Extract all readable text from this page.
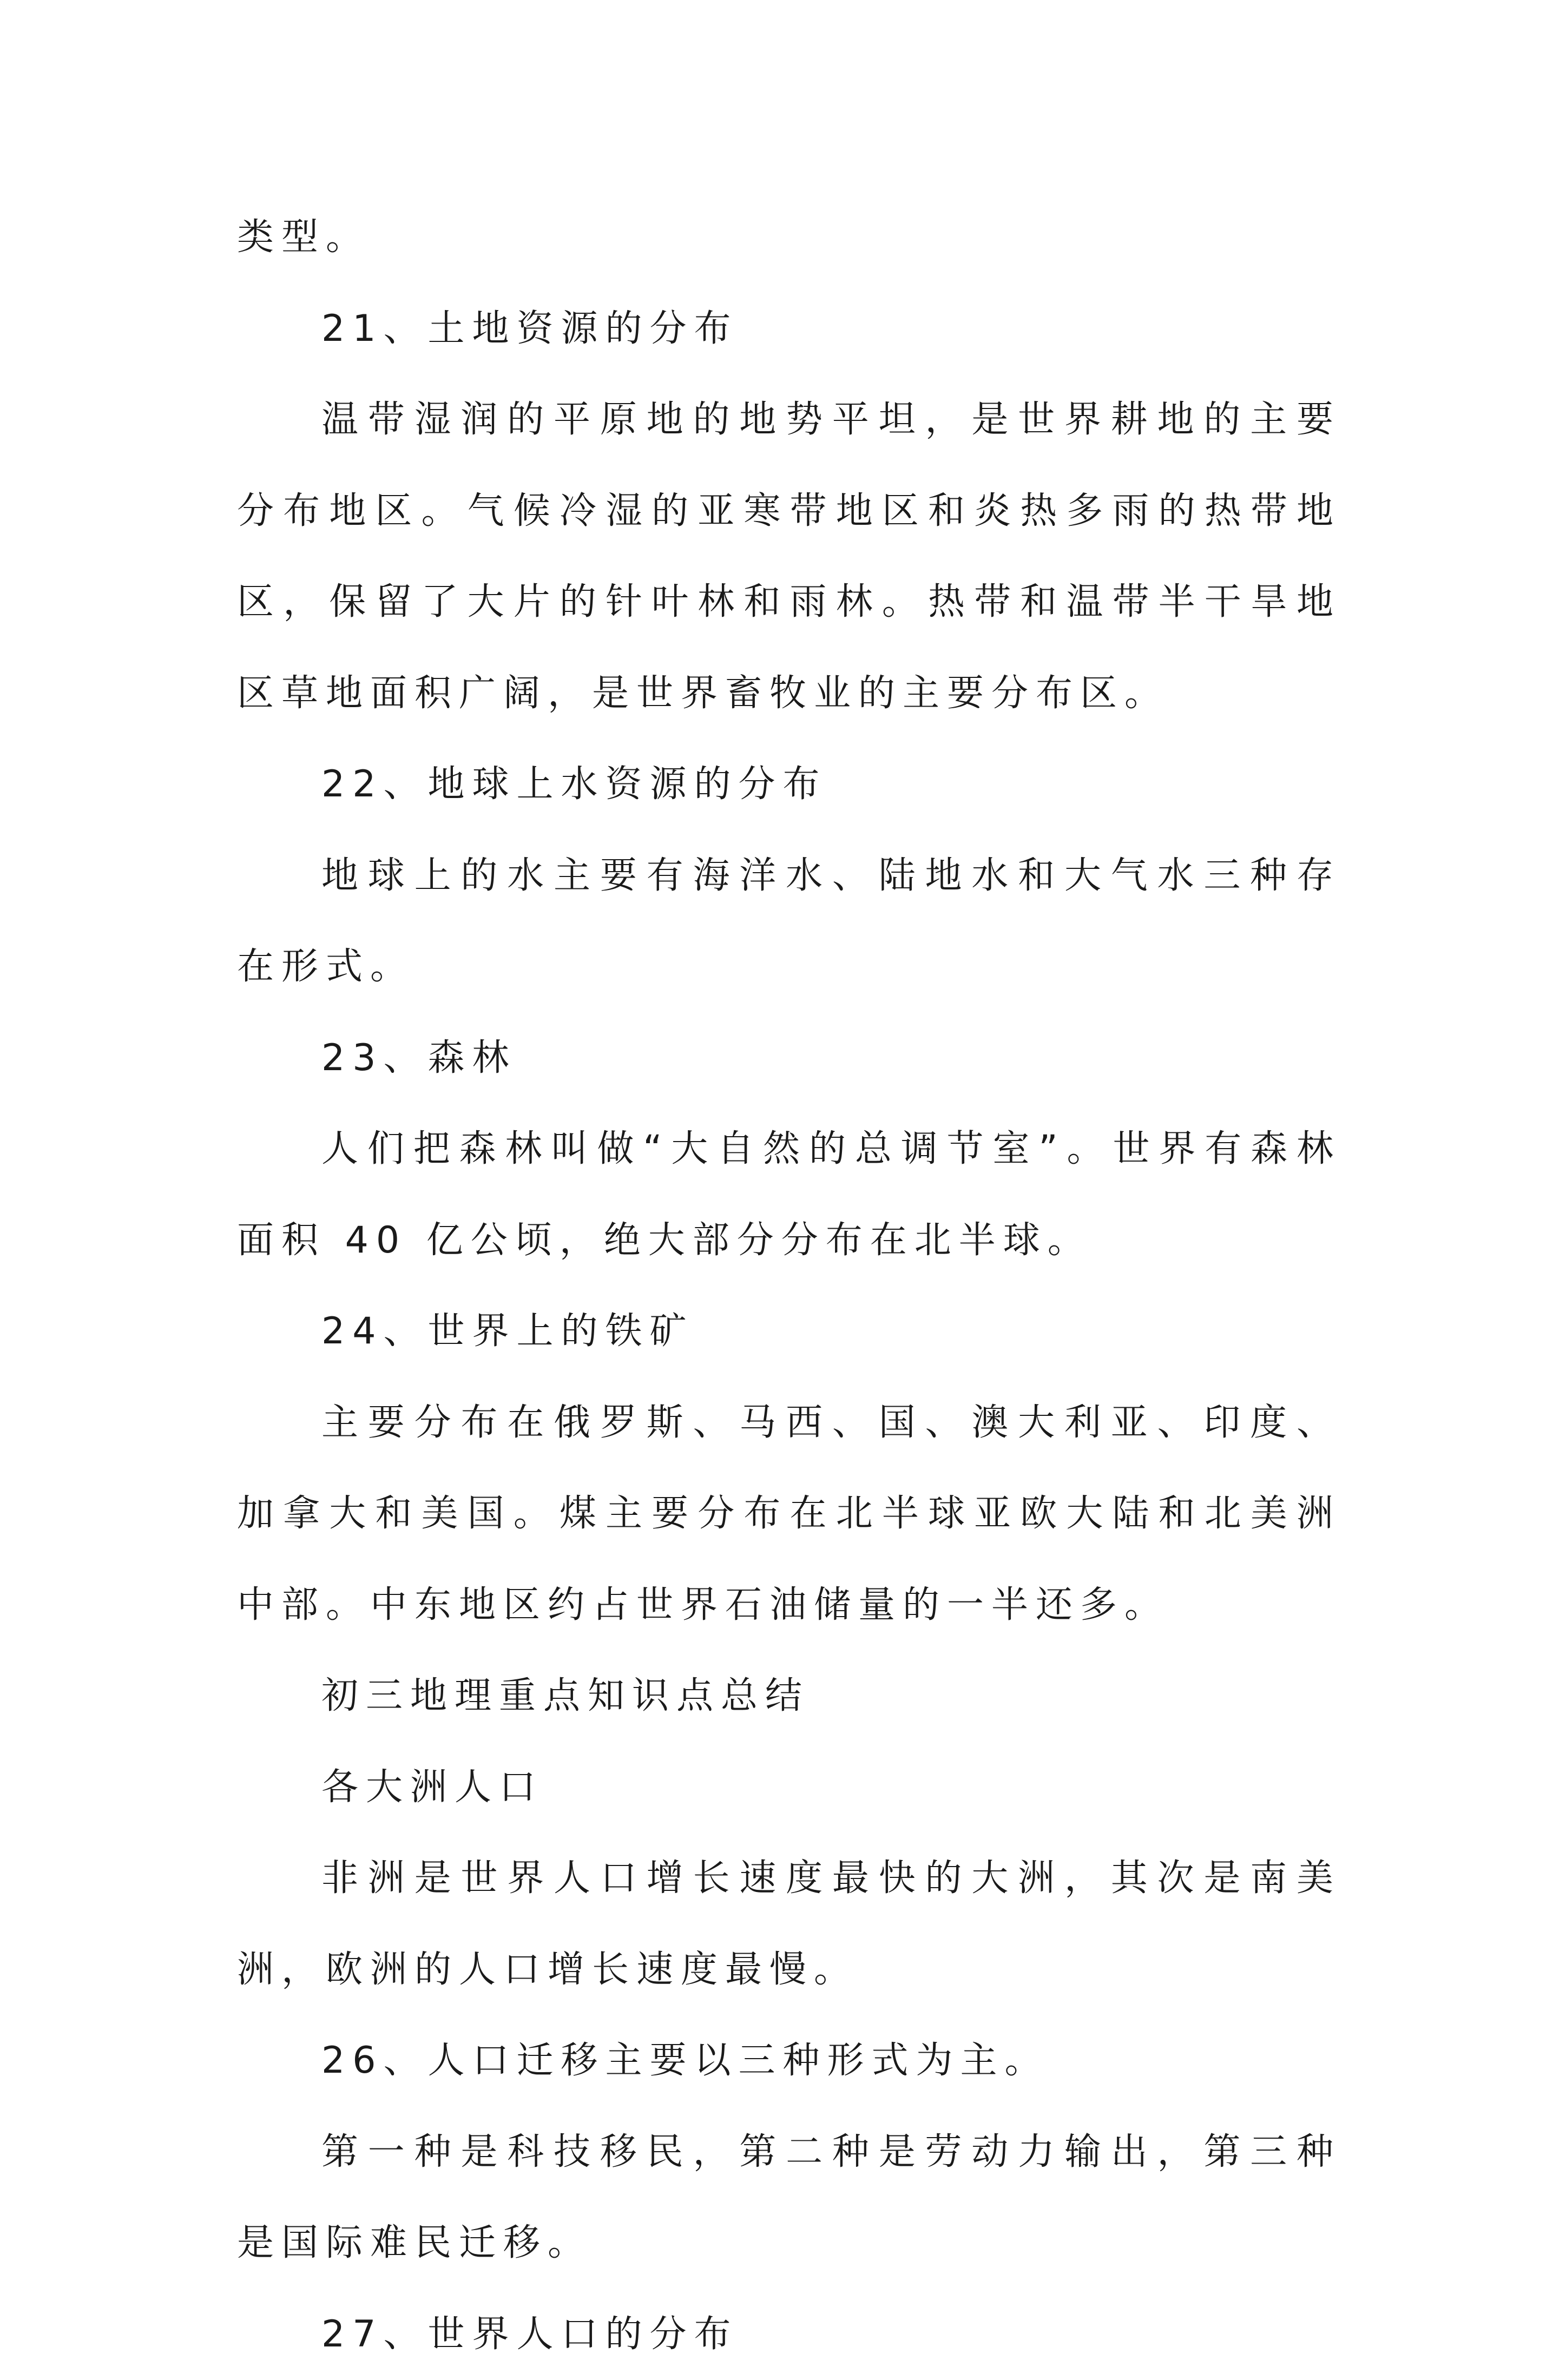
类型。

21、土地资源的分布

温带湿润的平原地的地势平坦，是世界耕地的主要分布地区。气候冷湿的亚寒带地区和炎热多雨的热带地区，保留了大片的针叶林和雨林。热带和温带半干旱地区草地面积广阔，是世界畜牧业的主要分布区。

22、地球上水资源的分布

地球上的水主要有海洋水、陆地水和大气水三种存在形式。

23、森林

人们把森林叫做“大自然的总调节室”。世界有森林面积 40 亿公顷，绝大部分分布在北半球。

24、世界上的铁矿

主要分布在俄罗斯、马西、国、澳大利亚、印度、加拿大和美国。煤主要分布在北半球亚欧大陆和北美洲中部。中东地区约占世界石油储量的一半还多。

初三地理重点知识点总结

各大洲人口

非洲是世界人口增长速度最快的大洲，其次是南美洲，欧洲的人口增长速度最慢。

26、人口迁移主要以三种形式为主。

第一种是科技移民，第二种是劳动力输出，第三种是国际难民迁移。

27、世界人口的分布
